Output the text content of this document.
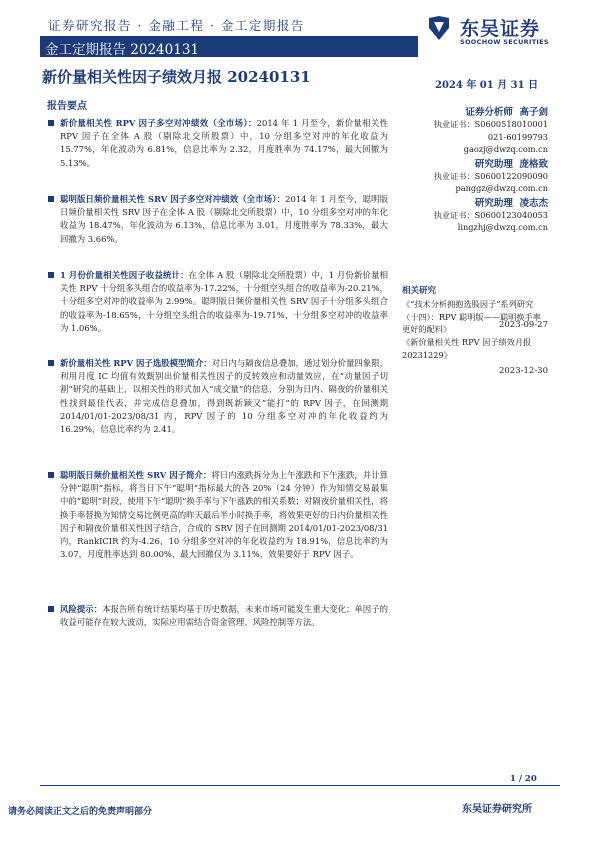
证券研究报告 · 金融工程 · 金工定期报告	东吴证券
SOOCHOW SECURITIES
金工定期报告 20240131
新价量相关性因子绩效月报 20240131	2024 年 01 月 31 日
报告要点
新价量相关性 RPV 因子多空对冲绩效（全市场）：2014 年 1 月至今，新价量相关性 RPV 因子在全体 A 股（剔除北交所股票）中，10 分组多空对冲的年化收益为 15.77%，年化波动为 6.81%，信息比率为 2.32，月度胜率为 74.17%，最大回撤为 5.13%。
聪明版日频价量相关性 SRV 因子多空对冲绩效（全市场）：2014 年 1 月至今，聪明版日频价量相关性 SRV 因子在全体 A 股（剔除北交所股票）中，10 分组多空对冲的年化收益为 18.47%，年化波动为 6.13%，信息比率为 3.01，月度胜率为 78.33%，最大回撤为 3.66%。
1 月份价量相关性因子收益统计：在全体 A 股（剔除北交所股票）中，1 月份新价量相关性 RPV 十分组多头组合的收益率为-17.22%，十分组空头组合的收益率为-20.21%，十分组多空对冲的收益率为 2.99%。聪明版日频价量相关性 SRV 因子十分组多头组合的收益率为-18.65%，十分组空头组合的收益率为-19.71%，十分组多空对冲的收益率为 1.06%。
新价量相关性 RPV 因子选股模型简介：对日内与隔夜信息叠加，通过划分价量四象限，利用月度 IC 均值有效甄别出价量相关性因子的反转效应和动量效应，在“动量因子切割”研究的基础上，以相关性的形式加入“成交量”的信息，分别为日内、隔夜的价量相关性找到最佳代表，并完成信息叠加，得到既新颖又“能打”的 RPV 因子，在回测期 2014/01/01-2023/08/31 内，RPV 因子的 10 分组多空对冲的年化收益约为 16.29%，信息比率约为 2.41。
聪明版日频价量相关性 SRV 因子简介：将日内涨跌拆分为上午涨跌和下午涨跌，并计算分钟“聪明”指标，将当日下午“聪明”指标最大的各 20%（24 分钟）作为知情交易最集中的“聪明”时段，使用下午“聪明”换手率与下午涨跌的相关系数；对隔夜价量相关性，将换手率替换为知情交易比例更高的昨天最后半小时换手率，将效果更好的日内价量相关性因子和隔夜价量相关性因子结合，合成的 SRV 因子在回测期 2014/01/01-2023/08/31 内，RankICIR 约为-4.26，10 分组多空对冲的年化收益约为 18.91%，信息比率约为 3.07，月度胜率达到 80.00%，最大回撤仅为 3.11%，效果要好于 RPV 因子。
风险提示：本报告所有统计结果均基于历史数据，未来市场可能发生重大变化；单因子的收益可能存在较大波动，实际应用需结合资金管理、风险控制等方法。
证券分析师 高子剑
执业证书：S0600518010001
021-60199793
gaozj@dwzq.com.cn
研究助理 庞格致
执业证书：S0600122090090
panggz@dwzq.com.cn
研究助理 凌志杰
执业证书：S0600123040053
lingzhj@dwzq.com.cn
相关研究
《“技术分析拥抱选股因子”系列研究（十四）：RPV 聪明版——聪明换手率更好的配料》	2023-09-27
《新价量相关性 RPV 因子绩效月报 20231229》
2023-12-30
1 / 20
请务必阅读正文之后的免责声明部分	东吴证券研究所
